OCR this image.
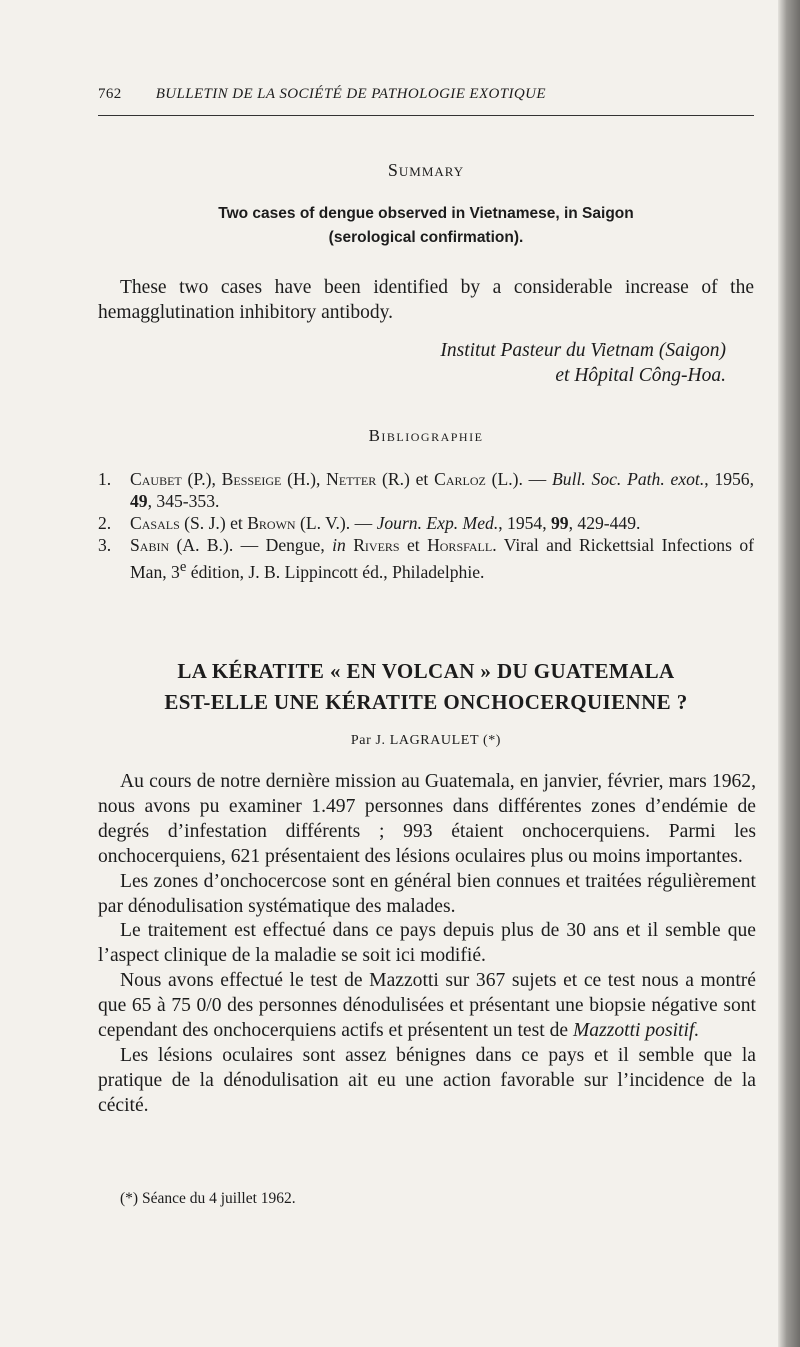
762 BULLETIN DE LA SOCIÉTÉ DE PATHOLOGIE EXOTIQUE
Summary
Two cases of dengue observed in Vietnamese, in Saigon
(serological confirmation).

These two cases have been identified by a considerable increase of the hemagglutination inhibitory antibody.

Institut Pasteur du Vietnam (Saigon)
et Hôpital Công-Hoa.
Bibliographie
1.	Caubet (P.), Besseige (H.), Netter (R.) et Carloz (L.). — Bull. Soc. Path. exot., 1956, 49, 345-353.
2.	Casals (S. J.) et Brown (L. V.). — Journ. Exp. Med., 1954, 99, 429-449.
3.	Sabin (A. B.). — Dengue, in Rivers et Horsfall. Viral and Rickettsial Infections of Man, 3e édition, J. B. Lippincott éd., Philadelphie.
LA KÉRATITE « EN VOLCAN » DU GUATEMALA
EST-ELLE UNE KÉRATITE ONCHOCERQUIENNE ?
Par J. LAGRAULET (*)

Au cours de notre dernière mission au Guatemala, en janvier, février, mars 1962, nous avons pu examiner 1.497 personnes dans différentes zones d’endémie de degrés d’infestation différents ; 993 étaient onchocerquiens. Parmi les onchocerquiens, 621 présentaient des lésions oculaires plus ou moins importantes.

Les zones d’onchocercose sont en général bien connues et traitées régulièrement par dénodulisation systématique des malades.

Le traitement est effectué dans ce pays depuis plus de 30 ans et il semble que l’aspect clinique de la maladie se soit ici modifié.

Nous avons effectué le test de Mazzotti sur 367 sujets et ce test nous a montré que 65 à 75 0/0 des personnes dénodulisées et présentant une biopsie négative sont cependant des onchocerquiens actifs et présentent un test de Mazzotti positif.

Les lésions oculaires sont assez bénignes dans ce pays et il semble que la pratique de la dénodulisation ait eu une action favorable sur l’incidence de la cécité.

(*) Séance du 4 juillet 1962.
